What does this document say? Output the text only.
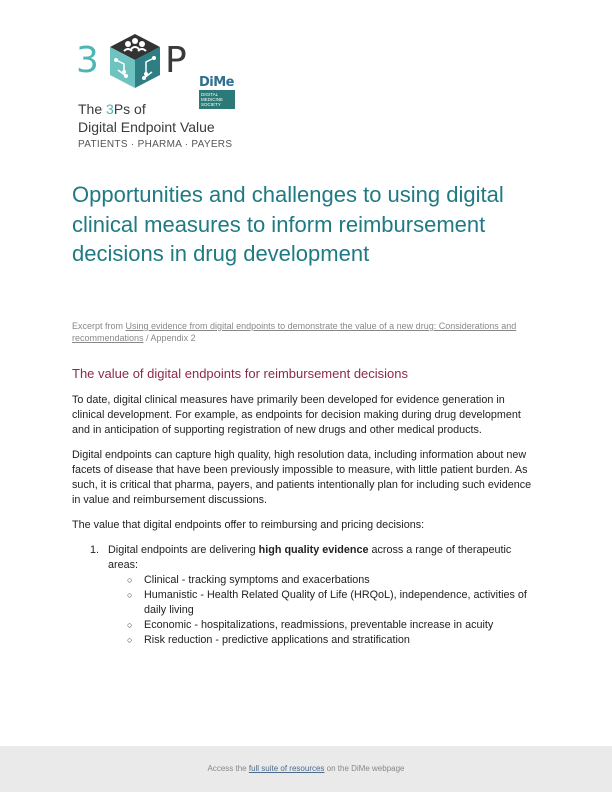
3 P
DiMe
DIGITAL MEDICINE SOCIETY
The 3Ps of
Digital Endpoint Value
PATIENTS · PHARMA · PAYERS
Opportunities and challenges to using digital clinical measures to inform reimbursement decisions in drug development
Excerpt from Using evidence from digital endpoints to demonstrate the value of a new drug: Considerations and recommendations / Appendix 2
The value of digital endpoints for reimbursement decisions

To date, digital clinical measures have primarily been developed for evidence generation in clinical development. For example, as endpoints for decision making during drug development and in anticipation of supporting registration of new drugs and other medical products.

Digital endpoints can capture high quality, high resolution data, including information about new facets of disease that have been previously impossible to measure, with little patient burden. As such, it is critical that pharma, payers, and patients intentionally plan for including such evidence in value and reimbursement discussions.

The value that digital endpoints offer to reimbursing and pricing decisions:

1. Digital endpoints are delivering high quality evidence across a range of therapeutic areas:
○ Clinical - tracking symptoms and exacerbations
○ Humanistic - Health Related Quality of Life (HRQoL), independence, activities of daily living
○ Economic - hospitalizations, readmissions, preventable increase in acuity
○ Risk reduction - predictive applications and stratification
Access the full suite of resources on the DiMe webpage
